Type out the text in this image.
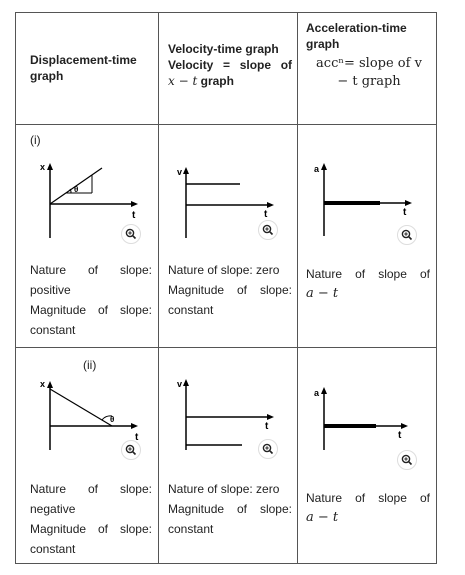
Displacement-time graph
Velocity-time graph
Velocity = slope of
x − t graph
Acceleration-time graph
accⁿ= slope of v
− t graph
(i)
x
t
θ
v
t
a
t
Nature of slope:
positive
Magnitude of slope:
constant
Nature of slope: zero
Magnitude of slope:
constant
Nature of slope of
a − t
(ii)
x
t
θ
v
t
a
t
Nature of slope:
negative
Magnitude of slope:
constant
Nature of slope: zero
Magnitude of slope:
constant
Nature of slope of
a − t
